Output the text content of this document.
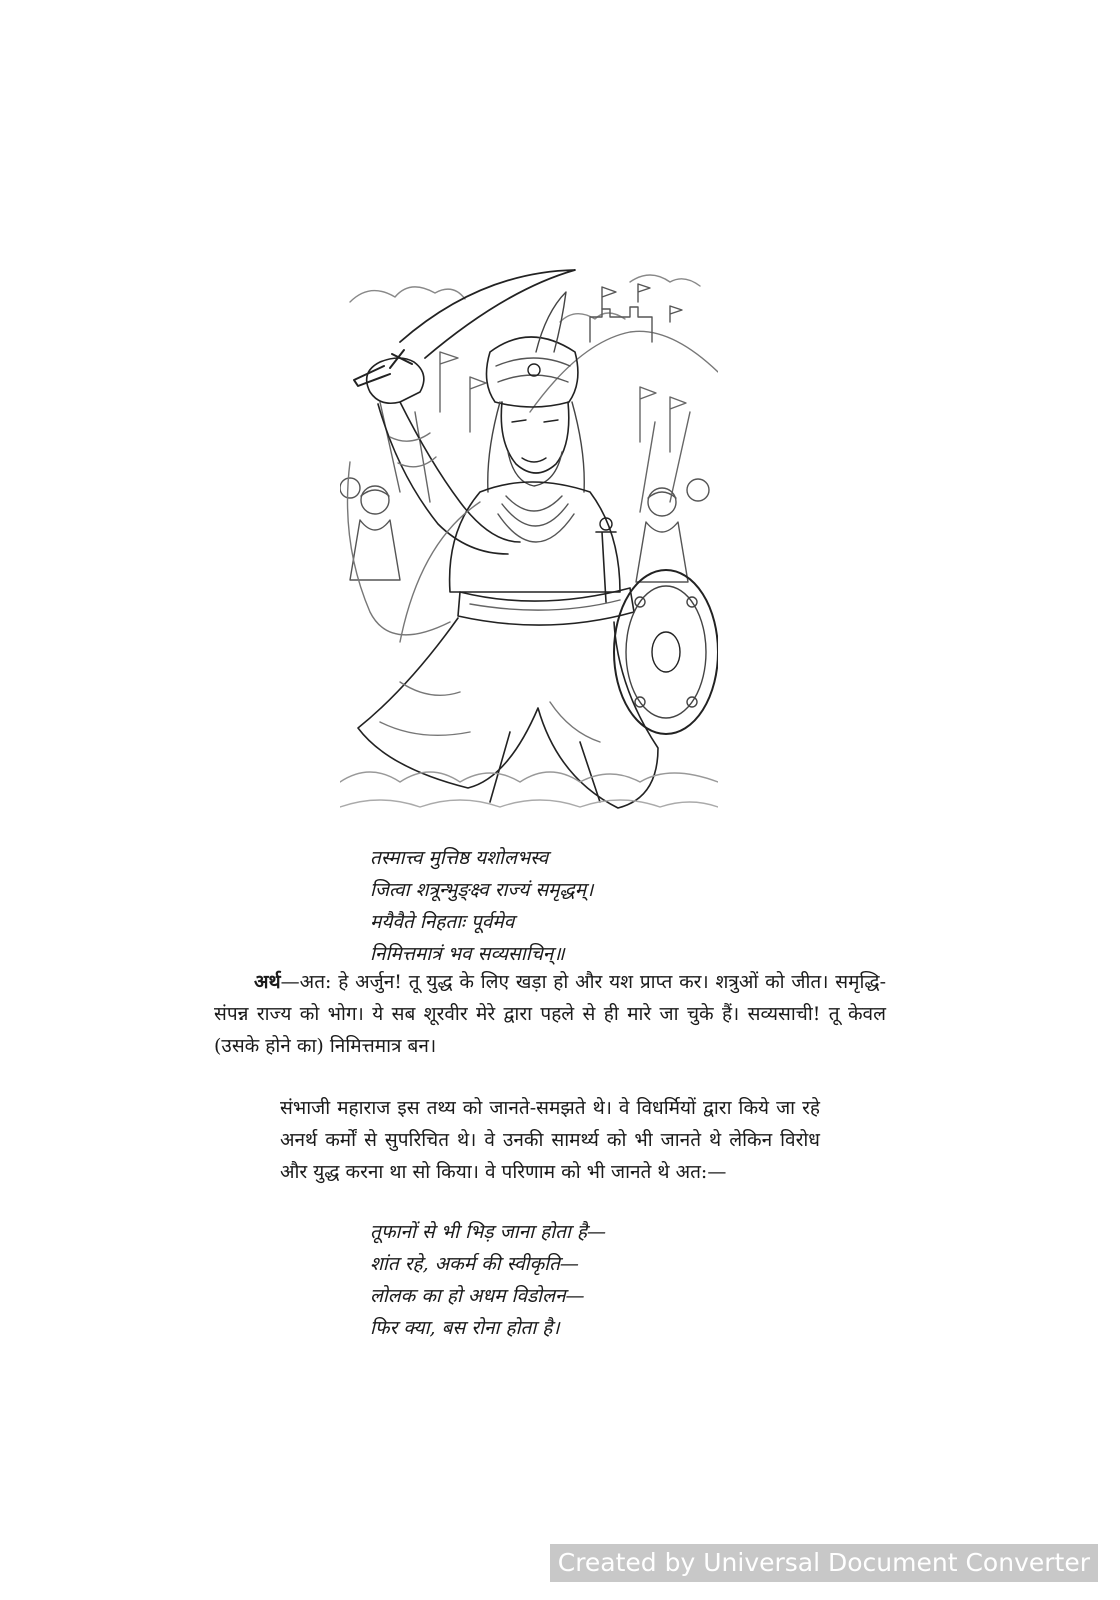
तस्मात्त्व मुत्तिष्ठ यशोलभस्व
जित्वा शत्रून्भुङ्क्ष्व राज्यं समृद्धम्।
मयैवैते निहताः पूर्वमेव
निमित्तमात्रं भव सव्यसाचिन्॥
अर्थ—अत: हे अर्जुन! तू युद्ध के लिए खड़ा हो और यश प्राप्त कर। शत्रुओं को जीत। समृद्धि-संपन्न राज्य को भोग। ये सब शूरवीर मेरे द्वारा पहले से ही मारे जा चुके हैं। सव्यसाची! तू केवल (उसके होने का) निमित्तमात्र बन।
संभाजी महाराज इस तथ्य को जानते-समझते थे। वे विधर्मियों द्वारा किये जा रहे अनर्थ कर्मों से सुपरिचित थे। वे उनकी सामर्थ्य को भी जानते थे लेकिन विरोध और युद्ध करना था सो किया। वे परिणाम को भी जानते थे अत:—
तूफानों से भी भिड़ जाना होता है—
शांत रहे, अकर्म की स्वीकृति—
लोलक का हो अधम विडोलन—
फिर क्या, बस रोना होता है।
Created by Universal Document Converter
